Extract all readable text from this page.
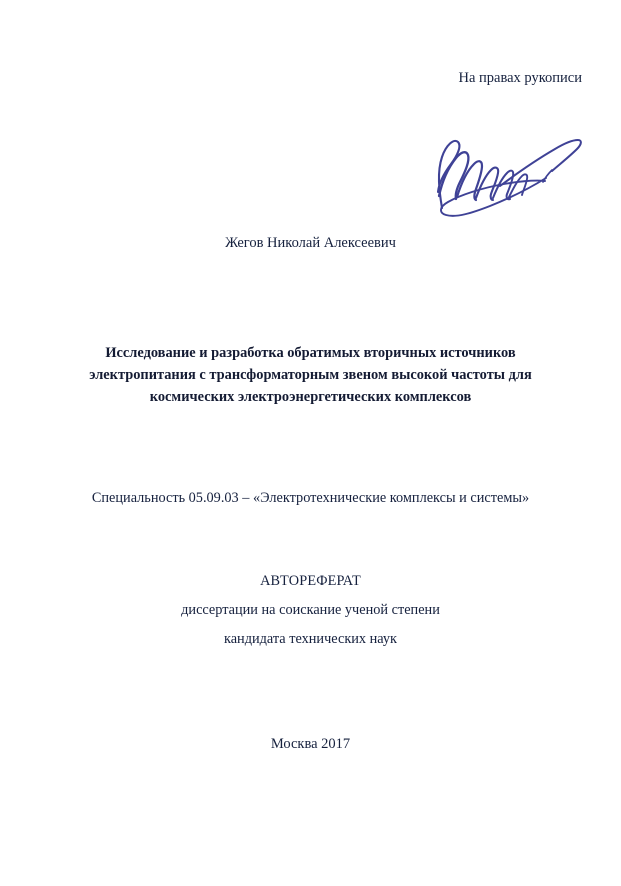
На правах рукописи
Жегов Николай Алексеевич
Исследование и разработка обратимых вторичных источников
электропитания с трансформаторным звеном высокой частоты для
космических электроэнергетических комплексов
Специальность 05.09.03 – «Электротехнические комплексы и системы»
АВТОРЕФЕРАТ
диссертации на соискание ученой степени
кандидата технических наук
Москва 2017
